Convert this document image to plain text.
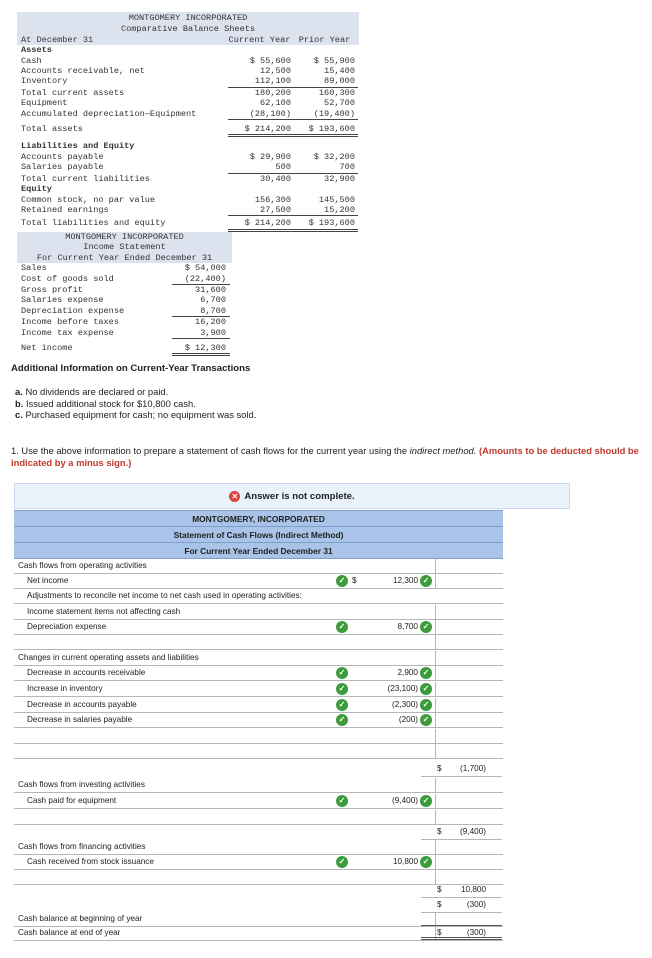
MONTGOMERY INCORPORATED
Comparative Balance Sheets
At December 31	Current Year Prior Year
Assets
Cash	$ 55,600	$ 55,900
Accounts receivable, net	12,500	15,400
Inventory	112,100	89,000
Total current assets	180,200	160,300
Equipment	62,100	52,700
Accumulated depreciation—Equipment	(28,100)	(19,400)
Total assets	$ 214,200	$ 193,600
Liabilities and Equity
Accounts payable	$ 29,900	$ 32,200
Salaries payable	500	700
Total current liabilities	30,400	32,900
Equity
Common stock, no par value	156,300	145,500
Retained earnings	27,500	15,200
Total liabilities and equity	$ 214,200	$ 193,600
MONTGOMERY INCORPORATED
Income Statement
For Current Year Ended December 31
Sales	$ 54,000
Cost of goods sold	(22,400)
Gross profit	31,600
Salaries expense	6,700
Depreciation expense	8,700
Income before taxes	16,200
Income tax expense	3,900
Net income	$ 12,300
Additional Information on Current-Year Transactions
a. No dividends are declared or paid.
b. Issued additional stock for $10,800 cash.
c. Purchased equipment for cash; no equipment was sold.
1. Use the above information to prepare a statement of cash flows for the current year using the indirect method. (Amounts to be deducted should be indicated by a minus sign.)
✕ Answer is not complete.
MONTGOMERY, INCORPORATED
Statement of Cash Flows (Indirect Method)
For Current Year Ended December 31
Cash flows from operating activities
Net income	✓ $	12,300 ✓
Adjustments to reconcile net income to net cash used in operating activities:
Income statement items not affecting cash
Depreciation expense	✓	8,700 ✓
Changes in current operating assets and liabilities
Decrease in accounts receivable	✓	2,900 ✓
Increase in inventory	✓	(23,100) ✓
Decrease in accounts payable	✓	(2,300) ✓
Decrease in salaries payable	✓	(200) ✓
$ (1,700)
Cash flows from investing activities
Cash paid for equipment	✓	(9,400) ✓
$ (9,400)
Cash flows from financing activities
Cash received from stock issuance	✓	10,800 ✓
$ 10,800
$	(300)
Cash balance at beginning of year
Cash balance at end of year	$	(300)
